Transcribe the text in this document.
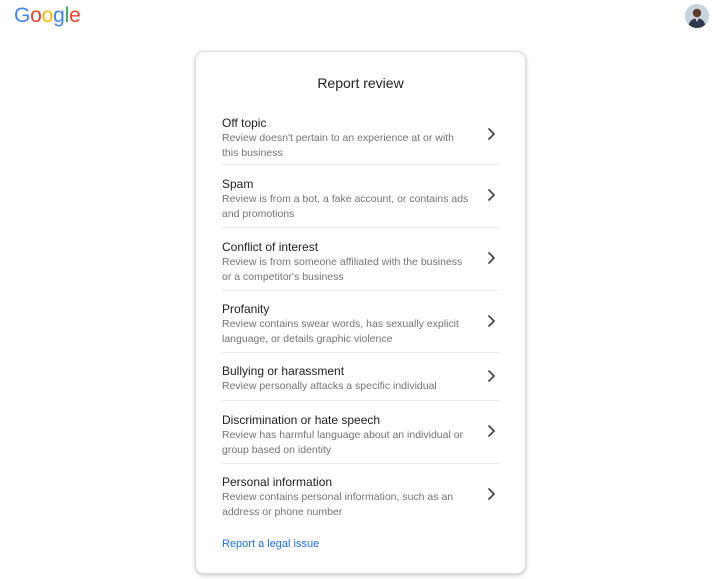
Google
Report review
Off topic
Review doesn't pertain to an experience at or with this business
Spam
Review is from a bot, a fake account, or contains ads and promotions
Conflict of interest
Review is from someone affiliated with the business or a competitor's business
Profanity
Review contains swear words, has sexually explicit language, or details graphic violence
Bullying or harassment
Review personally attacks a specific individual
Discrimination or hate speech
Review has harmful language about an individual or group based on identity
Personal information
Review contains personal information, such as an address or phone number
Report a legal issue
